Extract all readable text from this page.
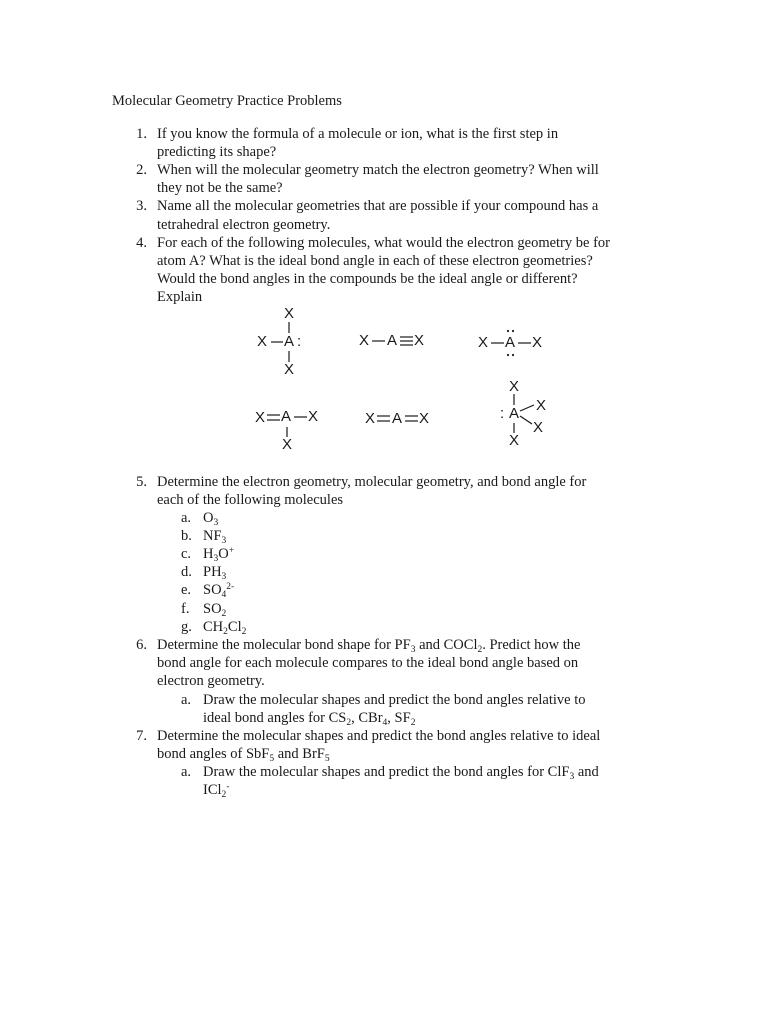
Molecular Geometry Practice Problems
1. If you know the formula of a molecule or ion, what is the first step in
predicting its shape?
2. When will the molecular geometry match the electron geometry? When will
they not be the same?
3. Name all the molecular geometries that are possible if your compound has a
tetrahedral electron geometry.
4. For each of the following molecules, what would the electron geometry be for
atom A? What is the ideal bond angle in each of these electron geometries?
Would the bond angles in the compounds be the ideal angle or different?
Explain
X
X A :
X
X A X	X A X
X A X
X
X A X
X
: A X
X
X
5. Determine the electron geometry, molecular geometry, and bond angle for
each of the following molecules
a. $O_3$
b. $NF_3$
c. $H_3O^+$
d. $PH_3$
e. $SO_4^{2-}$
f. $SO_2$
g. $CH_2Cl_2$
6. Determine the molecular bond shape for $PF_3$ and COCl$_2$. Predict how the
bond angle for each molecule compares to the ideal bond angle based on
electron geometry.
a. Draw the molecular shapes and predict the bond angles relative to
ideal bond angles for $CS_2$, CBr$_4$, $SF_2$
7. Determine the molecular shapes and predict the bond angles relative to ideal
bond angles of SbF$_5$ and BrF$_5$
a. Draw the molecular shapes and predict the bond angles for ClF$_3$ and
ICl$_2$-
